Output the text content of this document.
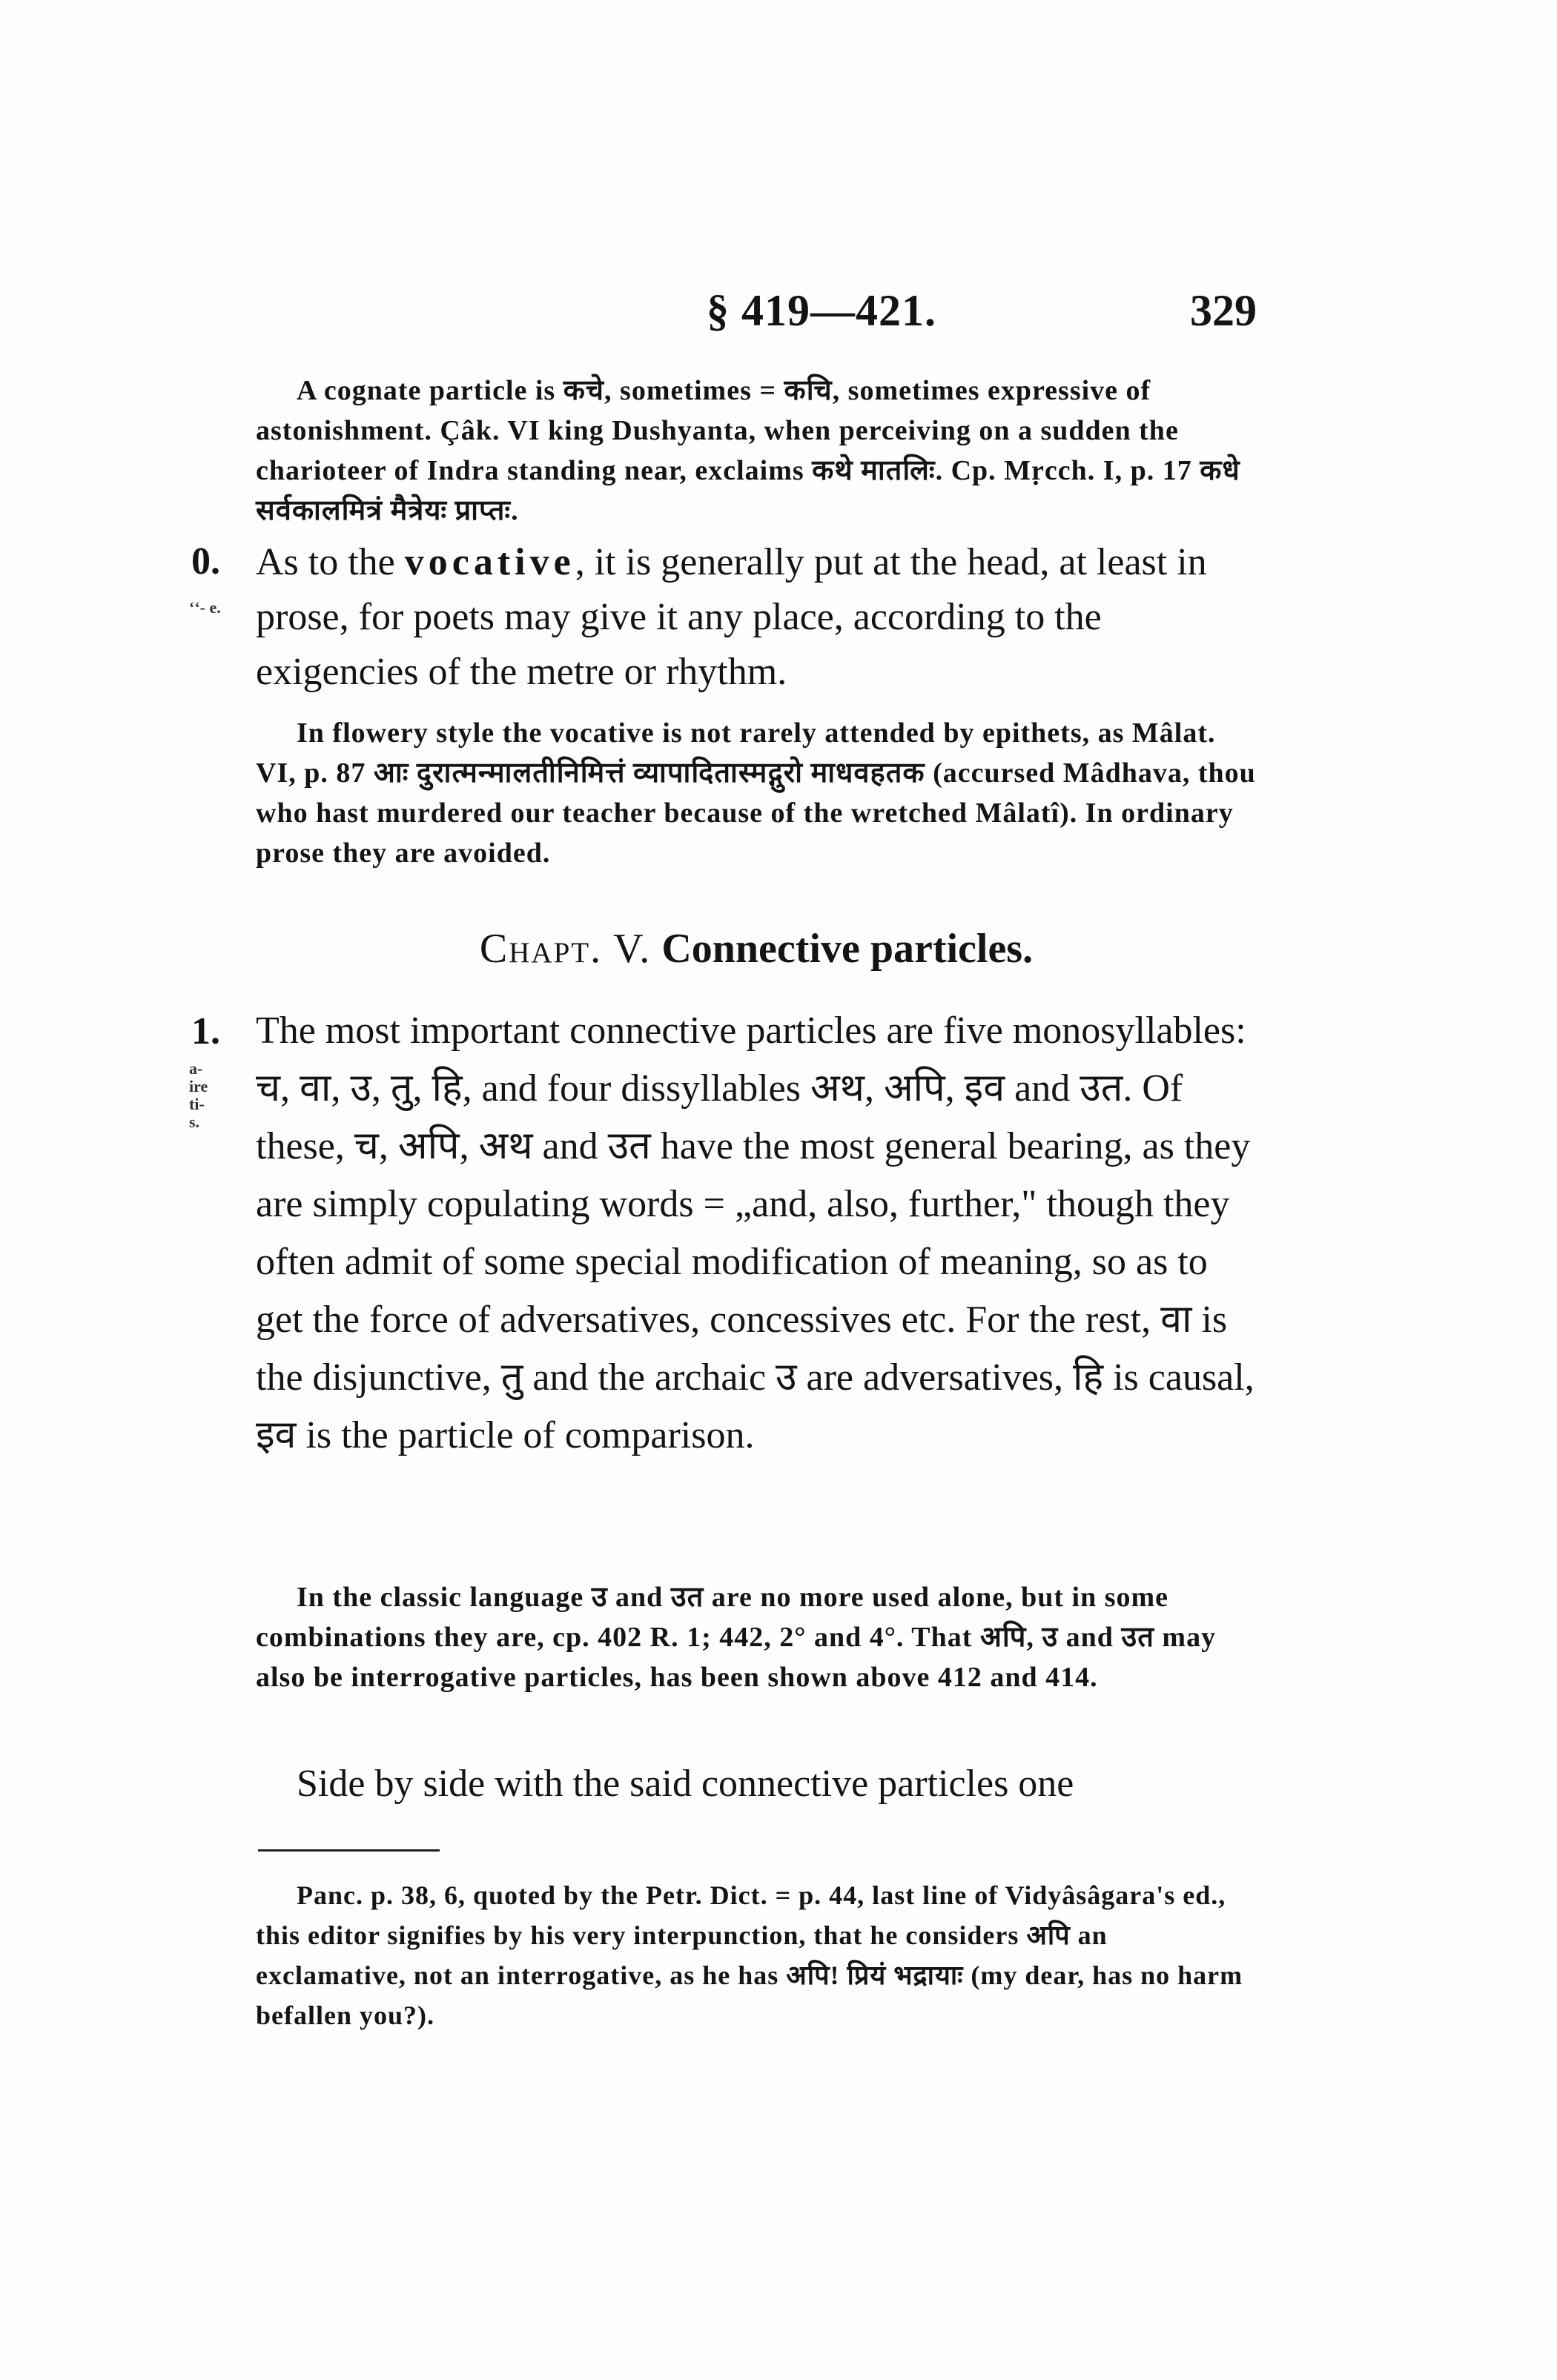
§ 419—421.	329
A cognate particle is कचे, sometimes = कचि, sometimes expressive of astonishment. Çâk. VI king Dushyanta, when perceiving on a sudden the charioteer of Indra standing near, exclaims कथे मातलिः. Cp. Mṛcch. I, p. 17 कधे सर्वकालमित्रं मैत्रेयः प्राप्तः.
0.
ʻʻ- e.
As to the vocative, it is generally put at the head, at least in prose, for poets may give it any place, according to the exigencies of the metre or rhythm.
In flowery style the vocative is not rarely attended by epithets, as Mâlat. VI, p. 87 आः दुरात्मन्मालतीनिमित्तं व्यापादितास्मद्गुरो माधवहतक (accursed Mâdhava, thou who hast murdered our teacher because of the wretched Mâlatî). In ordinary prose they are avoided.
Chapt. V. Connective particles.
1.
a-
ire
ti-
s.
The most important connective particles are five monosyllables: च, वा, उ, तु, हि, and four dissyllables अथ, अपि, इव and उत. Of these, च, अपि, अथ and उत have the most general bearing, as they are simply copulating words = „and, also, further," though they often admit of some special modification of meaning, so as to get the force of adversatives, concessives etc. For the rest, वा is the disjunctive, तु and the archaic उ are adversatives, हि is causal, इव is the particle of comparison.
In the classic language उ and उत are no more used alone, but in some combinations they are, cp. 402 R. 1; 442, 2° and 4°. That अपि, उ and उत may also be interrogative particles, has been shown above 412 and 414.
Side by side with the said connective particles one
Panc. p. 38, 6, quoted by the Petr. Dict. = p. 44, last line of Vidyâsâgara's ed., this editor signifies by his very interpunction, that he considers अपि an exclamative, not an interrogative, as he has अपि! प्रियं भद्रायाः (my dear, has no harm befallen you?).
